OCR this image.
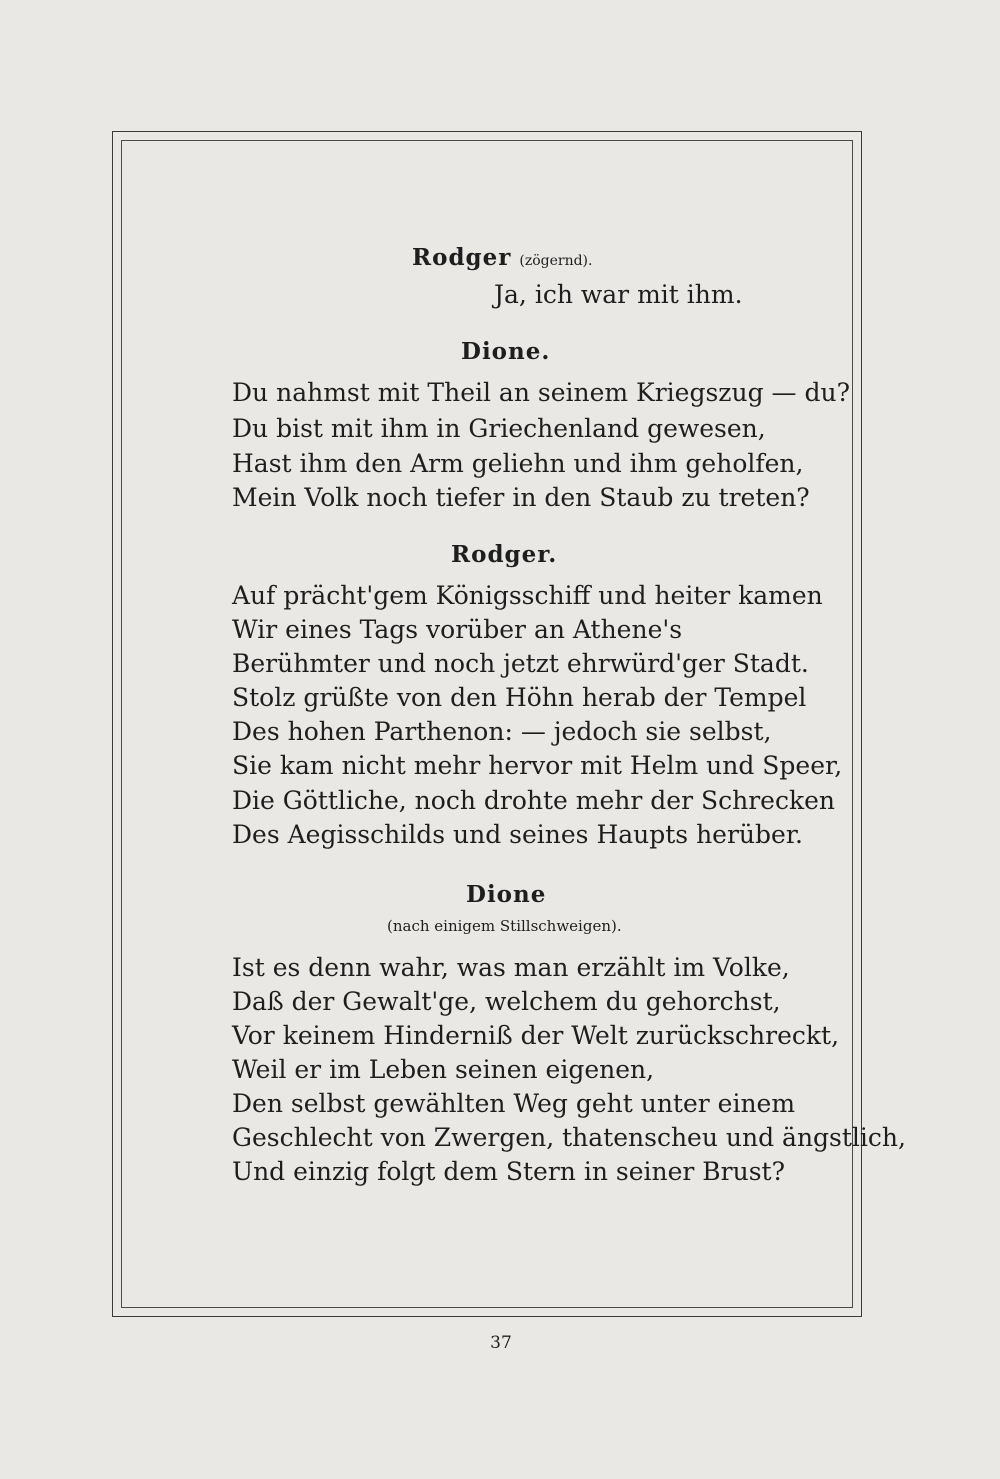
Rodger (zögernd).
Ja, ich war mit ihm.
Dione.
Du nahmst mit Theil an seinem Kriegszug — du?
Du bist mit ihm in Griechenland gewesen,
Hast ihm den Arm geliehn und ihm geholfen,
Mein Volk noch tiefer in den Staub zu treten?
Rodger.
Auf prächt'gem Königsschiff und heiter kamen
Wir eines Tags vorüber an Athene's
Berühmter und noch jetzt ehrwürd'ger Stadt.
Stolz grüßte von den Höhn herab der Tempel
Des hohen Parthenon: — jedoch sie selbst,
Sie kam nicht mehr hervor mit Helm und Speer,
Die Göttliche, noch drohte mehr der Schrecken
Des Aegisschilds und seines Haupts herüber.
Dione
(nach einigem Stillschweigen).
Ist es denn wahr, was man erzählt im Volke,
Daß der Gewalt'ge, welchem du gehorchst,
Vor keinem Hinderniß der Welt zurückschreckt,
Weil er im Leben seinen eigenen,
Den selbst gewählten Weg geht unter einem
Geschlecht von Zwergen, thatenscheu und ängstlich,
Und einzig folgt dem Stern in seiner Brust?
37
